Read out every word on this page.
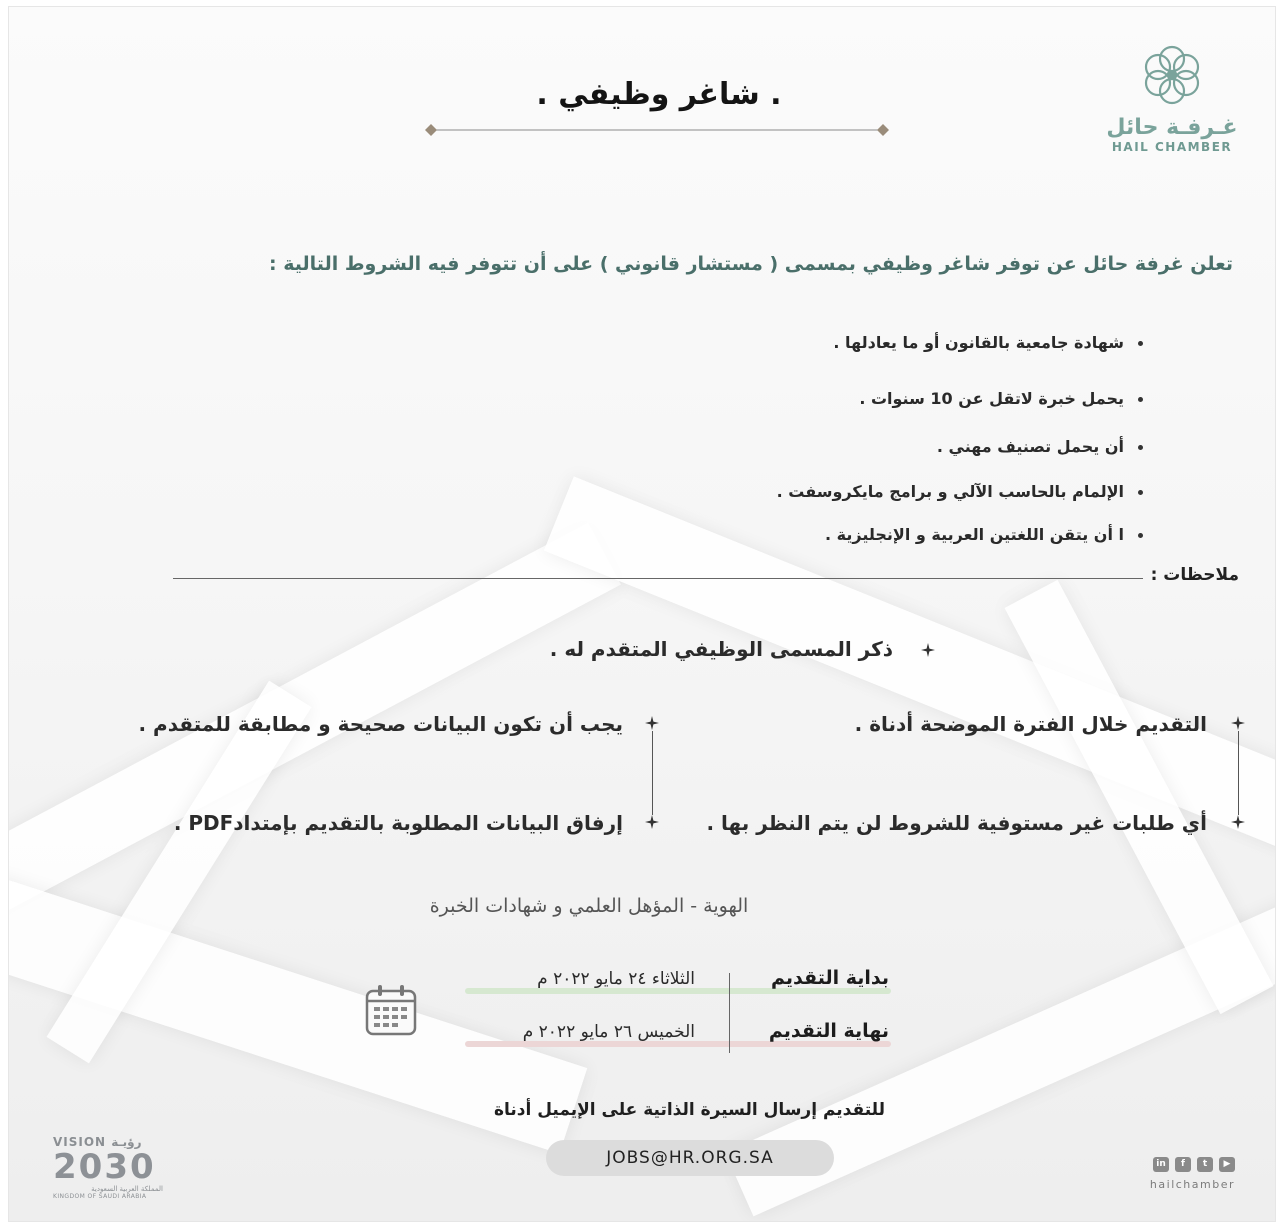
غـرفـة حائل
HAIL CHAMBER
. شاغر وظيفي .
تعلن غرفة حائل عن توفر شاغر وظيفي بمسمى ( مستشار قانوني ) على أن تتوفر فيه الشروط التالية :
شهادة جامعية بالقانون أو ما يعادلها .
يحمل خبرة لاتقل عن 10 سنوات .
أن يحمل تصنيف مهني .
الإلمام بالحاسب الآلي و برامج مايكروسفت .
ا أن يتقن اللغتين العربية و الإنجليزية .
ملاحظات :
ذكر المسمى الوظيفي المتقدم له .
التقديم خلال الفترة الموضحة أدناة .
أي طلبات غير مستوفية للشروط لن يتم النظر بها .
يجب أن تكون البيانات صحيحة و مطابقة للمتقدم .
إرفاق البيانات المطلوبة بالتقديم بإمتدادPDF .
الهوية - المؤهل العلمي و شهادات الخبرة
بداية التقديم
الثلاثاء ٢٤ مايو ٢٠٢٢ م
نهاية التقديم
الخميس ٢٦ مايو ٢٠٢٢ م
للتقديم إرسال السيرة الذاتية على الإيميل أدناة
JOBS@HR.ORG.SA
VISION رؤيـة
2030
المملكة العربية السعودية
KINGDOM OF SAUDI ARABIA
in	f	t	▶
hailchamber
